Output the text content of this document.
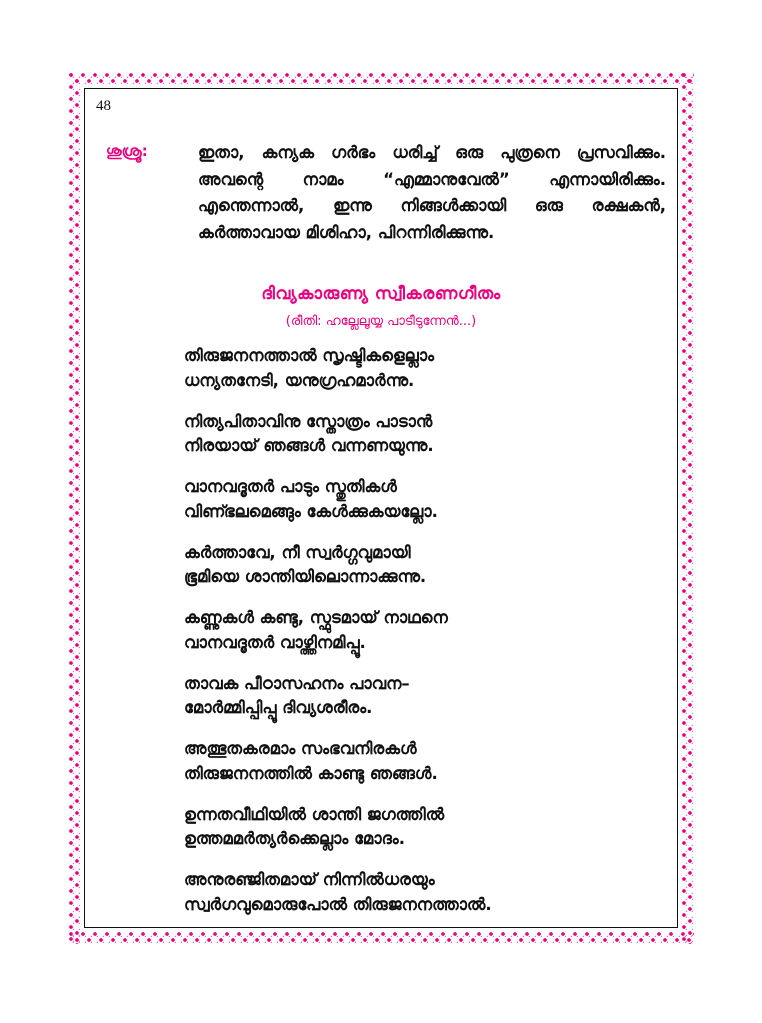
48
ശുശ്രൂ:	ഇതാ, കന്യക ഗർഭം ധരിച്ച് ഒരു പുത്രനെ പ്രസവിക്കും. അവന്റെ നാമം “എമ്മാനുവേൽ” എന്നായിരിക്കും. എന്തെന്നാൽ, ഇന്നു നിങ്ങൾക്കായി ഒരു രക്ഷകൻ, കർത്താവായ മിശിഹാ, പിറന്നിരിക്കുന്നു.
ദിവ്യകാരുണ്യ സ്വീകരണഗീതം
(രീതി: ഹല്ലേലൂയ്യ പാടീടുന്നേൻ...)
തിരുജനനത്താൽ സൃഷ്ടികളെല്ലാം
ധന്യതനേടി, യനുഗ്രഹമാർന്നു.
നിത്യപിതാവിനു സ്തോത്രം പാടാൻ
നിരയായ് ഞങ്ങൾ വന്നണയുന്നു.
വാനവദൂതർ പാടും സ്തുതികൾ
വിണ്ഭലമെങ്ങും കേൾക്കുകയല്ലോ.
കർത്താവേ, നീ സ്വർഗ്ഗവുമായി
ഭൂമിയെ ശാന്തിയിലൊന്നാക്കുന്നു.
കണ്ണുകൾ കണ്ടു, സ്ഫുടമായ് നാഥനെ
വാനവദൂതർ വാഴ്ത്തിനമിപ്പൂ.
താവക പീഠാസഹനം പാവന–
മോർമ്മിപ്പിപ്പൂ ദിവ്യശരീരം.
അത്ഭുതകരമാം സംഭവനിരകൾ
തിരുജനനത്തിൽ കാണ്ടു ഞങ്ങൾ.
ഉന്നതവീഥിയിൽ ശാന്തി ജഗത്തിൽ
ഉത്തമമർത്യർക്കെല്ലാം മോദം.
അനുരഞ്ജിതമായ് നിന്നിൽധരയും
സ്വർഗവുമൊരുപോൽ തിരുജനനത്താൽ.
